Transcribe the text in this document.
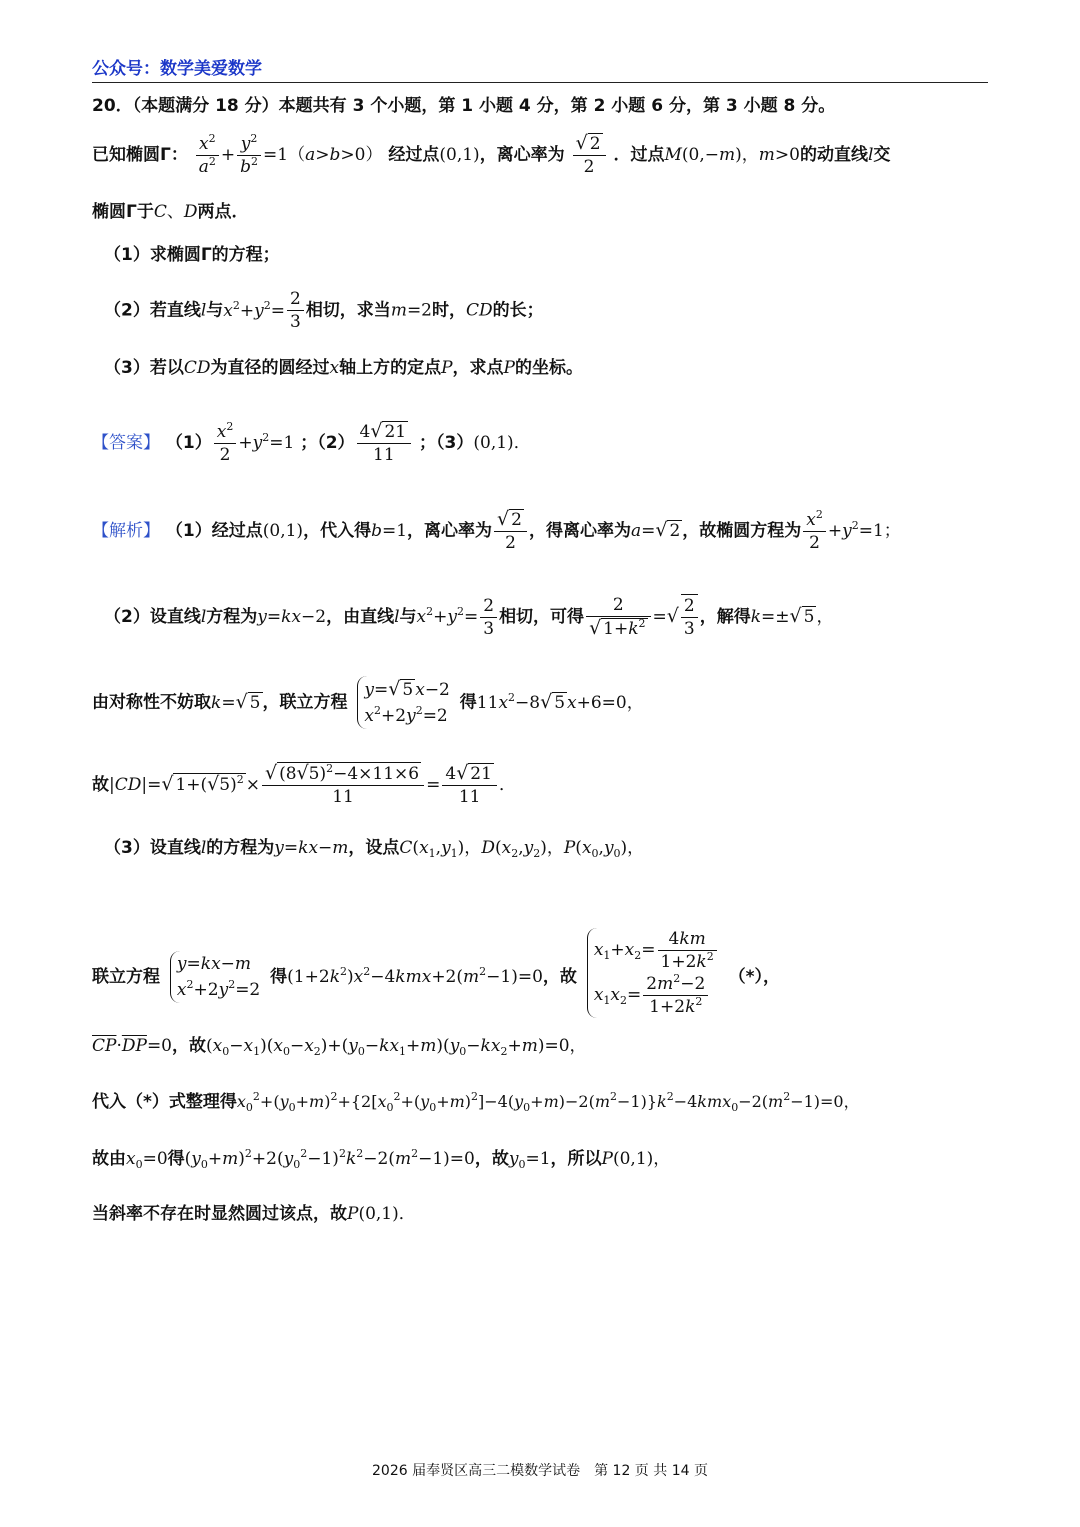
公众号：数学美爱数学
20．（本题满分 18 分）本题共有 3 个小题，第 1 小题 4 分，第 2 小题 6 分，第 3 小题 8 分。
已知椭圆Γ： $\frac{x^2}{a^2} + \frac{y^2}{b^2} =1(a>b>0)$ 经过点(0,1)，离心率为 $\frac{√ 2}{2}$ ．过点M(0,−m)，m>0的动直线l交
椭圆Γ于C、D两点．
（1）求椭圆Γ的方程；
（2）若直线l与$x^2+y^2= \frac{2}{3}$ 相切，求当m=2时，CD的长；
（3）若以CD为直径的圆经过x轴上方的定点P，求点P的坐标。
【答案】 $(1) \frac{x^2}{2} +y^2=1$ ；$(2) \frac{4√ 21}{11}$ ；（3）(0,1)．
【解析】 （1）经过点(0,1)，代入得b=1，离心率为 $\frac{√ 2}{2}$ ，得离心率为a=√ 2 ，故椭圆方程为 $\frac{x^2}{2} +y^2=1$；
（2）设直线l方程为y=kx−2，由直线l与$x^2+y^2= \frac{2}{3}$ 相切，可得 $\frac{2}{√ 1+k^2}$ =√ $\frac{2}{3}$ ，解得k=±√ 5 ，
由对称性不妨取k=√ 5 ，联立方程
y=√ 5 x−2
$x^2+2y^2=2$
得$11x^2-8√$ 5 x+6=0，
故|CD|=√ $1+(√5)^2 \times \frac{√ (8√5)^2-4\times 11\times 6}{11} = \frac{4√ 21}{11}$ ．
（3）设直线l的方程为y=kx−m，设点$C(x_1,y_1)$，$D(x_2,y_2)$，$P(x_0,y_0)$，
联立方程
y=kx−m
$x^2+2y^2=2$
得$(1+2k^2)x^2-4kmx+2(m^2-1)=0$，故
$x_1+x_2= \frac{4km}{1+2k^2}$
$x_1x_2= \frac{2m^2-2}{1+2k^2}$ （*），
$\overline{CP}\cdot\overline{DP}=0$，故$(x_0-x_1)(x_0-x_2)+(y_0-kx_1+m)(y_0-kx_2+m)=0$，
代入（*）式整理得$x_0^2+(y_0+m)^2+\{2[x_0^2+(y_0+m)^2]-4(y_0+m)-2(m^2-1)\}k^2-4kmx_0-2(m^2-1)=0$，
故由$x_0=0$得$(y_0+m)^2+2(y_0^2-1)^2k^2-2(m^2-1)=0$，故$y_0=1$，所以P(0,1)，
当斜率不存在时显然圆过该点，故P(0,1)．
2026 届奉贤区高三二模数学试卷　第 12 页 共 14 页
